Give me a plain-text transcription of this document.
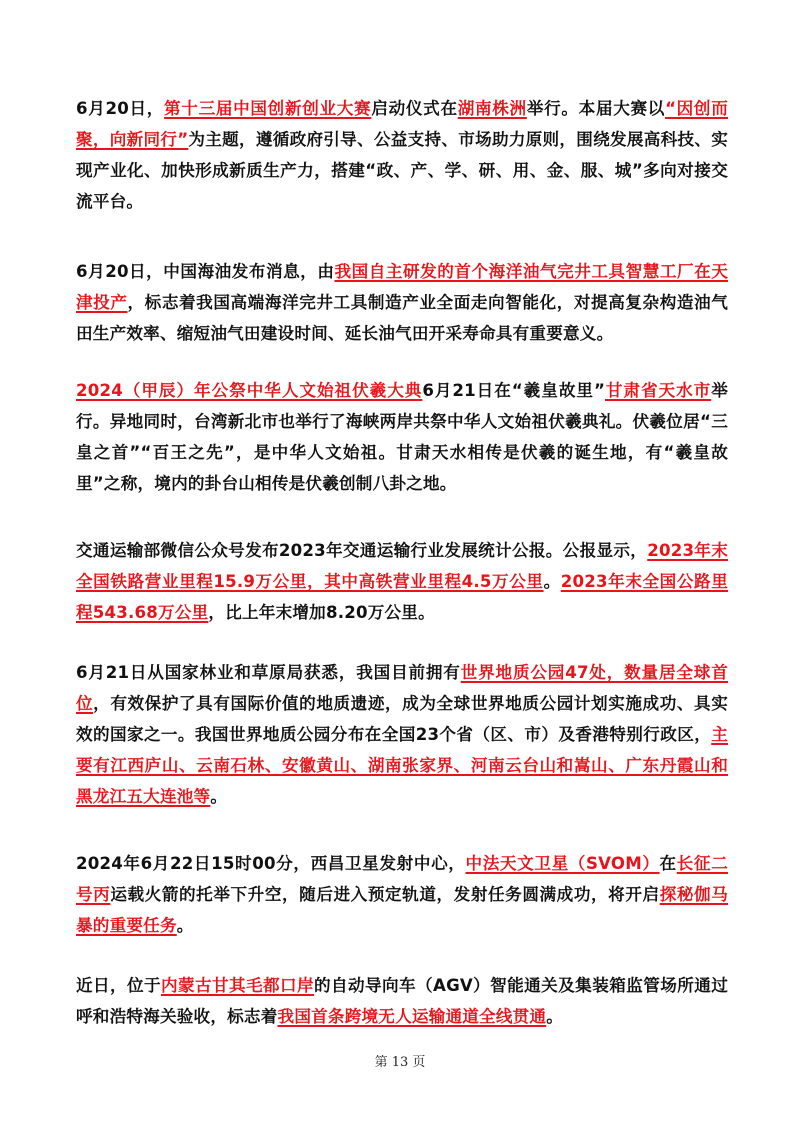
6月20日，第十三届中国创新创业大赛启动仪式在湖南株洲举行。本届大赛以“因创而聚，向新同行”为主题，遵循政府引导、公益支持、市场助力原则，围绕发展高科技、实现产业化、加快形成新质生产力，搭建“政、产、学、研、用、金、服、城”多向对接交流平台。

6月20日，中国海油发布消息，由我国自主研发的首个海洋油气完井工具智慧工厂在天津投产，标志着我国高端海洋完井工具制造产业全面走向智能化，对提高复杂构造油气田生产效率、缩短油气田建设时间、延长油气田开采寿命具有重要意义。

2024（甲辰）年公祭中华人文始祖伏羲大典6月21日在“羲皇故里”甘肃省天水市举行。异地同时，台湾新北市也举行了海峡两岸共祭中华人文始祖伏羲典礼。伏羲位居“三皇之首”“百王之先”，是中华人文始祖。甘肃天水相传是伏羲的诞生地，有“羲皇故里”之称，境内的卦台山相传是伏羲创制八卦之地。

交通运输部微信公众号发布2023年交通运输行业发展统计公报。公报显示，2023年末全国铁路营业里程15.9万公里，其中高铁营业里程4.5万公里。2023年末全国公路里程543.68万公里，比上年末增加8.20万公里。

6月21日从国家林业和草原局获悉，我国目前拥有世界地质公园47处，数量居全球首位，有效保护了具有国际价值的地质遗迹，成为全球世界地质公园计划实施成功、具实效的国家之一。我国世界地质公园分布在全国23个省（区、市）及香港特别行政区，主要有江西庐山、云南石林、安徽黄山、湖南张家界、河南云台山和嵩山、广东丹霞山和黑龙江五大连池等。

2024年6月22日15时00分，西昌卫星发射中心，中法天文卫星（SVOM）在长征二号丙运载火箭的托举下升空，随后进入预定轨道，发射任务圆满成功，将开启探秘伽马暴的重要任务。

近日，位于内蒙古甘其毛都口岸的自动导向车（AGV）智能通关及集装箱监管场所通过呼和浩特海关验收，标志着我国首条跨境无人运输通道全线贯通。

第 13 页
